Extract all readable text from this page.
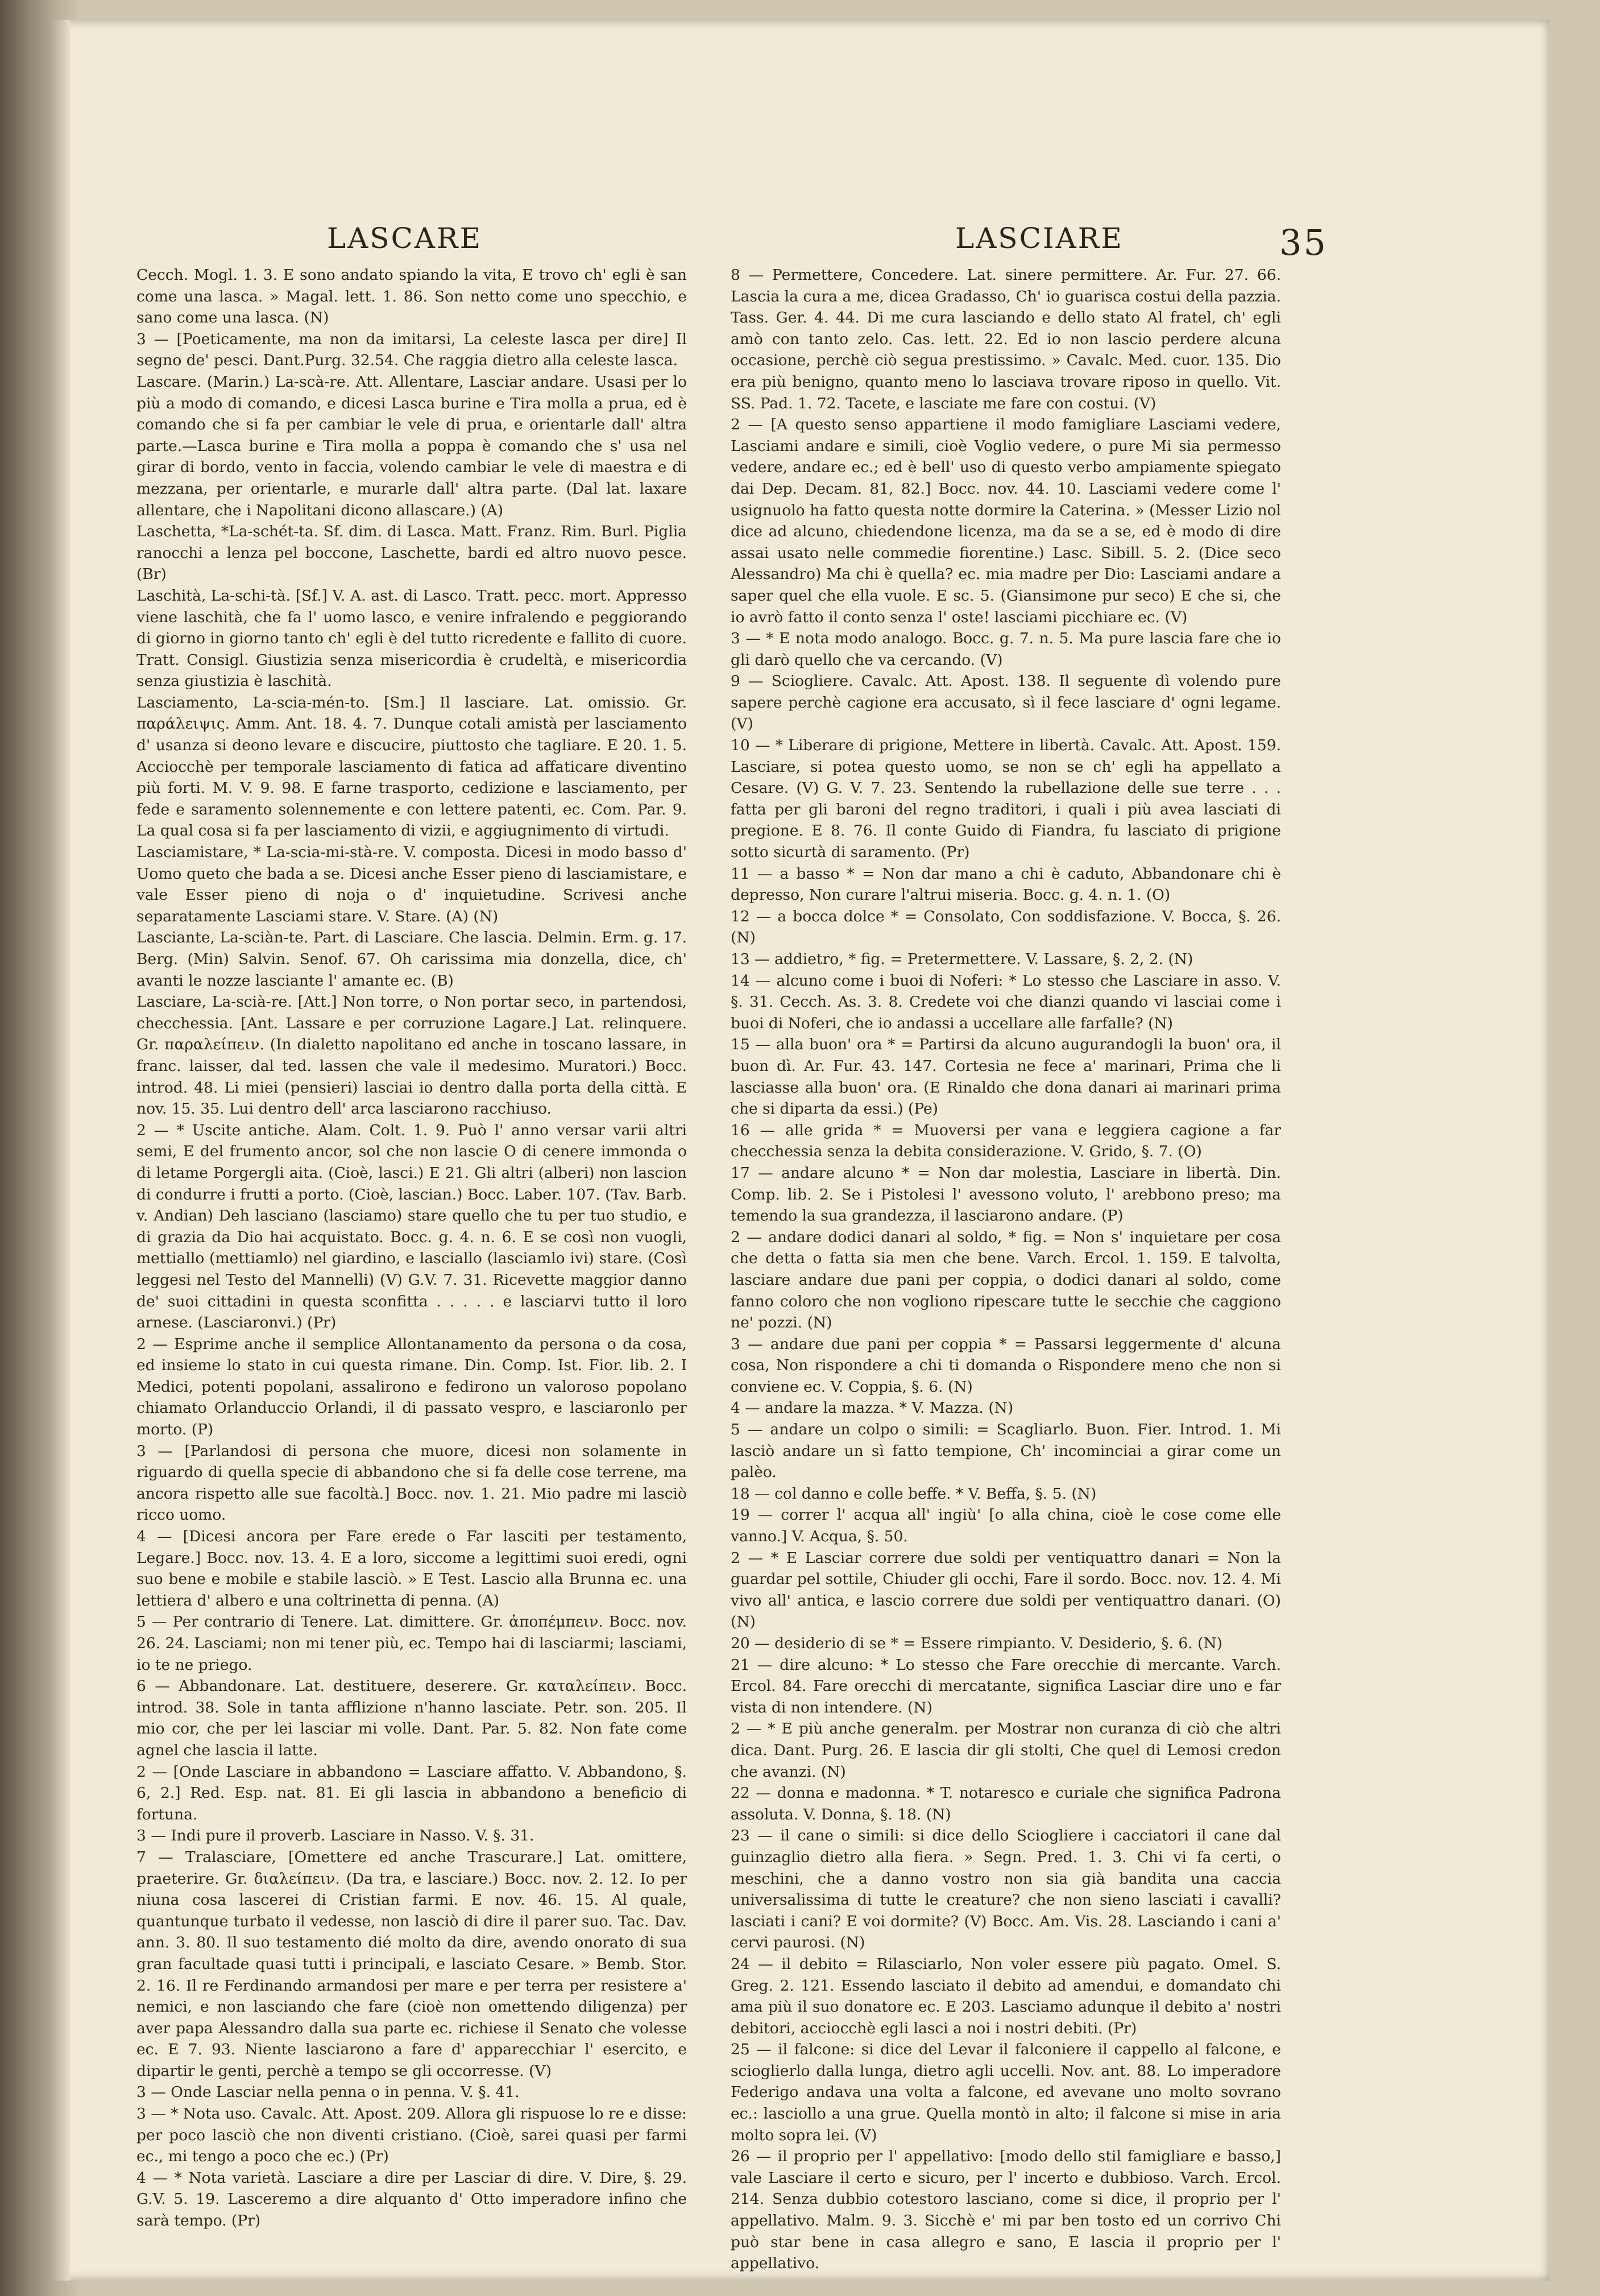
LASCARE	LASCIARE	35

Cecch. Mogl. 1. 3. E sono andato spiando la vita, E trovo ch' egli è san come una lasca. » Magal. lett. 1. 86. Son netto come uno specchio, e sano come una lasca. (N)

3 — [Poeticamente, ma non da imitarsi, La celeste lasca per dire] Il segno de' pesci. Dant.Purg. 32.54. Che raggia dietro alla celeste lasca.

Lascare. (Marin.) La-scà-re. Att. Allentare, Lasciar andare. Usasi per lo più a modo di comando, e dicesi Lasca burine e Tira molla a prua, ed è comando che si fa per cambiar le vele di prua, e orientarle dall' altra parte.—Lasca burine e Tira molla a poppa è comando che s' usa nel girar di bordo, vento in faccia, volendo cambiar le vele di maestra e di mezzana, per orientarle, e murarle dall' altra parte. (Dal lat. laxare allentare, che i Napolitani dicono allascare.) (A)

Laschetta, *La-schét-ta. Sf. dim. di Lasca. Matt. Franz. Rim. Burl. Piglia ranocchi a lenza pel boccone, Laschette, bardi ed altro nuovo pesce.(Br)

Laschità, La-schi-tà. [Sf.] V. A. ast. di Lasco. Tratt. pecc. mort. Appresso viene laschità, che fa l' uomo lasco, e venire infralendo e peggiorando di giorno in giorno tanto ch' egli è del tutto ricredente e fallito di cuore. Tratt. Consigl. Giustizia senza misericordia è crudeltà, e misericordia senza giustizia è laschità.

Lasciamento, La-scia-mén-to. [Sm.] Il lasciare. Lat. omissio. Gr. παράλειψις. Amm. Ant. 18. 4. 7. Dunque cotali amistà per lasciamento d' usanza si deono levare e discucire, piuttosto che tagliare. E 20. 1. 5. Acciocchè per temporale lasciamento di fatica ad affaticare diventino più forti. M. V. 9. 98. E farne trasporto, cedizione e lasciamento, per fede e saramento solennemente e con lettere patenti, ec. Com. Par. 9. La qual cosa si fa per lasciamento di vizii, e aggiugnimento di virtudi.

Lasciamistare, * La-scia-mi-stà-re. V. composta. Dicesi in modo basso d' Uomo queto che bada a se. Dicesi anche Esser pieno di lasciamistare, e vale Esser pieno di noja o d' inquietudine. Scrivesi anche separatamente Lasciami stare. V. Stare. (A) (N)

Lasciante, La-sciàn-te. Part. di Lasciare. Che lascia. Delmin. Erm. g. 17. Berg. (Min) Salvin. Senof. 67. Oh carissima mia donzella, dice, ch' avanti le nozze lasciante l' amante ec. (B)

Lasciare, La-scià-re. [Att.] Non torre, o Non portar seco, in partendosi, checchessia. [Ant. Lassare e per corruzione Lagare.] Lat. relinquere. Gr. παραλείπειν. (In dialetto napolitano ed anche in toscano lassare, in franc. laisser, dal ted. lassen che vale il medesimo. Muratori.) Bocc. introd. 48. Li miei (pensieri) lasciai io dentro dalla porta della città. E nov. 15. 35. Lui dentro dell' arca lasciarono racchiuso.

2 — * Uscite antiche. Alam. Colt. 1. 9. Può l' anno versar varii altri semi, E del frumento ancor, sol che non lascie O di cenere immonda o di letame Porgergli aita. (Cioè, lasci.) E 21. Gli altri (alberi) non lascion di condurre i frutti a porto. (Cioè, lascian.) Bocc. Laber. 107. (Tav. Barb. v. Andian) Deh lasciano (lasciamo) stare quello che tu per tuo studio, e di grazia da Dio hai acquistato. Bocc. g. 4. n. 6. E se così non vuogli, mettiallo (mettiamlo) nel giardino, e lasciallo (lasciamlo ivi) stare. (Così leggesi nel Testo del Mannelli) (V) G.V. 7. 31. Ricevette maggior danno de' suoi cittadini in questa sconfitta . . . . . e lasciarvi tutto il loro arnese. (Lasciaronvi.) (Pr)

2 — Esprime anche il semplice Allontanamento da persona o da cosa, ed insieme lo stato in cui questa rimane. Din. Comp. Ist. Fior. lib. 2. I Medici, potenti popolani, assalirono e fedirono un valoroso popolano chiamato Orlanduccio Orlandi, il di passato vespro, e lasciaronlo per morto. (P)

3 — [Parlandosi di persona che muore, dicesi non solamente in riguardo di quella specie di abbandono che si fa delle cose terrene, ma ancora rispetto alle sue facoltà.] Bocc. nov. 1. 21. Mio padre mi lasciò ricco uomo.

4 — [Dicesi ancora per Fare erede o Far lasciti per testamento, Legare.] Bocc. nov. 13. 4. E a loro, siccome a legittimi suoi eredi, ogni suo bene e mobile e stabile lasciò. » E Test. Lascio alla Brunna ec. una lettiera d' albero e una coltrinetta di penna. (A)

5 — Per contrario di Tenere. Lat. dimittere. Gr. ἀποπέμπειν. Bocc. nov. 26. 24. Lasciami; non mi tener più, ec. Tempo hai di lasciarmi; lasciami, io te ne priego.

6 — Abbandonare. Lat. destituere, deserere. Gr. καταλείπειν. Bocc. introd. 38. Sole in tanta afflizione n'hanno lasciate. Petr. son. 205. Il mio cor, che per lei lasciar mi volle. Dant. Par. 5. 82. Non fate come agnel che lascia il latte.

2 — [Onde Lasciare in abbandono = Lasciare affatto. V. Abbandono, §. 6, 2.] Red. Esp. nat. 81. Ei gli lascia in abbandono a beneficio di fortuna.

3 — Indi pure il proverb. Lasciare in Nasso. V. §. 31.

7 — Tralasciare, [Omettere ed anche Trascurare.] Lat. omittere, praeterire. Gr. διαλείπειν. (Da tra, e lasciare.) Bocc. nov. 2. 12. Io per niuna cosa lascerei di Cristian farmi. E nov. 46. 15. Al quale, quantunque turbato il vedesse, non lasciò di dire il parer suo. Tac. Dav. ann. 3. 80. Il suo testamento dié molto da dire, avendo onorato di sua gran facultade quasi tutti i principali, e lasciato Cesare. » Bemb. Stor. 2. 16. Il re Ferdinando armandosi per mare e per terra per resistere a' nemici, e non lasciando che fare (cioè non omettendo diligenza) per aver papa Alessandro dalla sua parte ec. richiese il Senato che volesse ec. E 7. 93. Niente lasciarono a fare d' apparecchiar l' esercito, e dipartir le genti, perchè a tempo se gli occorresse. (V)

3 — Onde Lasciar nella penna o in penna. V. §. 41.

3 — * Nota uso. Cavalc. Att. Apost. 209. Allora gli rispuose lo re e disse: per poco lasciò che non diventi cristiano. (Cioè, sarei quasi per farmi ec., mi tengo a poco che ec.) (Pr)

4 — * Nota varietà. Lasciare a dire per Lasciar di dire. V. Dire, §. 29. G.V. 5. 19. Lasceremo a dire alquanto d' Otto imperadore infino che sarà tempo. (Pr)

8 — Permettere, Concedere. Lat. sinere permittere. Ar. Fur. 27. 66. Lascia la cura a me, dicea Gradasso, Ch' io guarisca costui della pazzia. Tass. Ger. 4. 44. Di me cura lasciando e dello stato Al fratel, ch' egli amò con tanto zelo. Cas. lett. 22. Ed io non lascio perdere alcuna occasione, perchè ciò segua prestissimo. » Cavalc. Med. cuor. 135. Dio era più benigno, quanto meno lo lasciava trovare riposo in quello. Vit. SS. Pad. 1. 72. Tacete, e lasciate me fare con costui. (V)

2 — [A questo senso appartiene il modo famigliare Lasciami vedere, Lasciami andare e simili, cioè Voglio vedere, o pure Mi sia permesso vedere, andare ec.; ed è bell' uso di questo verbo ampiamente spiegato dai Dep. Decam. 81, 82.] Bocc. nov. 44. 10. Lasciami vedere come l' usignuolo ha fatto questa notte dormire la Caterina. » (Messer Lizio nol dice ad alcuno, chiedendone licenza, ma da se a se, ed è modo di dire assai usato nelle commedie fiorentine.) Lasc. Sibill. 5. 2. (Dice seco Alessandro) Ma chi è quella? ec. mia madre per Dio: Lasciami andare a saper quel che ella vuole. E sc. 5. (Giansimone pur seco) E che si, che io avrò fatto il conto senza l' oste! lasciami picchiare ec. (V)

3 — * E nota modo analogo. Bocc. g. 7. n. 5. Ma pure lascia fare che io gli darò quello che va cercando. (V)

9 — Sciogliere. Cavalc. Att. Apost. 138. Il seguente dì volendo pure sapere perchè cagione era accusato, sì il fece lasciare d' ogni legame. (V)

10 — * Liberare di prigione, Mettere in libertà. Cavalc. Att. Apost. 159. Lasciare, si potea questo uomo, se non se ch' egli ha appellato a Cesare. (V) G. V. 7. 23. Sentendo la rubellazione delle sue terre . . . fatta per gli baroni del regno traditori, i quali i più avea lasciati di pregione. E 8. 76. Il conte Guido di Fiandra, fu lasciato di prigione sotto sicurtà di saramento. (Pr)

11 — a basso * = Non dar mano a chi è caduto, Abbandonare chi è depresso, Non curare l'altrui miseria. Bocc. g. 4. n. 1. (O)

12 — a bocca dolce * = Consolato, Con soddisfazione. V. Bocca, §. 26. (N)

13 — addietro, * fig. = Pretermettere. V. Lassare, §. 2, 2. (N)

14 — alcuno come i buoi di Noferi: * Lo stesso che Lasciare in asso. V. §. 31. Cecch. As. 3. 8. Credete voi che dianzi quando vi lasciai come i buoi di Noferi, che io andassi a uccellare alle farfalle? (N)

15 — alla buon' ora * = Partirsi da alcuno augurandogli la buon' ora, il buon dì. Ar. Fur. 43. 147. Cortesia ne fece a' marinari, Prima che li lasciasse alla buon' ora. (E Rinaldo che dona danari ai marinari prima che si diparta da essi.) (Pe)

16 — alle grida * = Muoversi per vana e leggiera cagione a far checchessia senza la debita considerazione. V. Grido, §. 7. (O)

17 — andare alcuno * = Non dar molestia, Lasciare in libertà. Din. Comp. lib. 2. Se i Pistolesi l' avessono voluto, l' arebbono preso; ma temendo la sua grandezza, il lasciarono andare. (P)

2 — andare dodici danari al soldo, * fig. = Non s' inquietare per cosa che detta o fatta sia men che bene. Varch. Ercol. 1. 159. E talvolta, lasciare andare due pani per coppia, o dodici danari al soldo, come fanno coloro che non vogliono ripescare tutte le secchie che caggiono ne' pozzi. (N)

3 — andare due pani per coppia * = Passarsi leggermente d' alcuna cosa, Non rispondere a chi ti domanda o Rispondere meno che non si conviene ec. V. Coppia, §. 6. (N)

4 — andare la mazza. * V. Mazza. (N)

5 — andare un colpo o simili: = Scagliarlo. Buon. Fier. Introd. 1. Mi lasciò andare un sì fatto tempione, Ch' incominciai a girar come un palèo.

18 — col danno e colle beffe. * V. Beffa, §. 5. (N)

19 — correr l' acqua all' ingiù' [o alla china, cioè le cose come elle vanno.] V. Acqua, §. 50.

2 — * E Lasciar correre due soldi per ventiquattro danari = Non la guardar pel sottile, Chiuder gli occhi, Fare il sordo. Bocc. nov. 12. 4. Mi vivo all' antica, e lascio correre due soldi per ventiquattro danari. (O) (N)

20 — desiderio di se * = Essere rimpianto. V. Desiderio, §. 6. (N)

21 — dire alcuno: * Lo stesso che Fare orecchie di mercante. Varch. Ercol. 84. Fare orecchi di mercatante, significa Lasciar dire uno e far vista di non intendere. (N)

2 — * E più anche generalm. per Mostrar non curanza di ciò che altri dica. Dant. Purg. 26. E lascia dir gli stolti, Che quel di Lemosi credon che avanzi. (N)

22 — donna e madonna. * T. notaresco e curiale che significa Padrona assoluta. V. Donna, §. 18. (N)

23 — il cane o simili: si dice dello Sciogliere i cacciatori il cane dal guinzaglio dietro alla fiera. » Segn. Pred. 1. 3. Chi vi fa certi, o meschini, che a danno vostro non sia già bandita una caccia universalissima di tutte le creature? che non sieno lasciati i cavalli? lasciati i cani? E voi dormite? (V) Bocc. Am. Vis. 28. Lasciando i cani a' cervi paurosi. (N)

24 — il debito = Rilasciarlo, Non voler essere più pagato. Omel. S. Greg. 2. 121. Essendo lasciato il debito ad amendui, e domandato chi ama più il suo donatore ec. E 203. Lasciamo adunque il debito a' nostri debitori, acciocchè egli lasci a noi i nostri debiti. (Pr)

25 — il falcone: si dice del Levar il falconiere il cappello al falcone, e scioglierlo dalla lunga, dietro agli uccelli. Nov. ant. 88. Lo imperadore Federigo andava una volta a falcone, ed avevane uno molto sovrano ec.: lasciollo a una grue. Quella montò in alto; il falcone si mise in aria molto sopra lei. (V)

26 — il proprio per l' appellativo: [modo dello stil famigliare e basso,] vale Lasciare il certo e sicuro, per l' incerto e dubbioso. Varch. Ercol. 214. Senza dubbio cotestoro lasciano, come si dice, il proprio per l' appellativo. Malm. 9. 3. Sicchè e' mi par ben tosto ed un corrivo Chi può star bene in casa allegro e sano, E lascia il proprio per l' appellativo.
